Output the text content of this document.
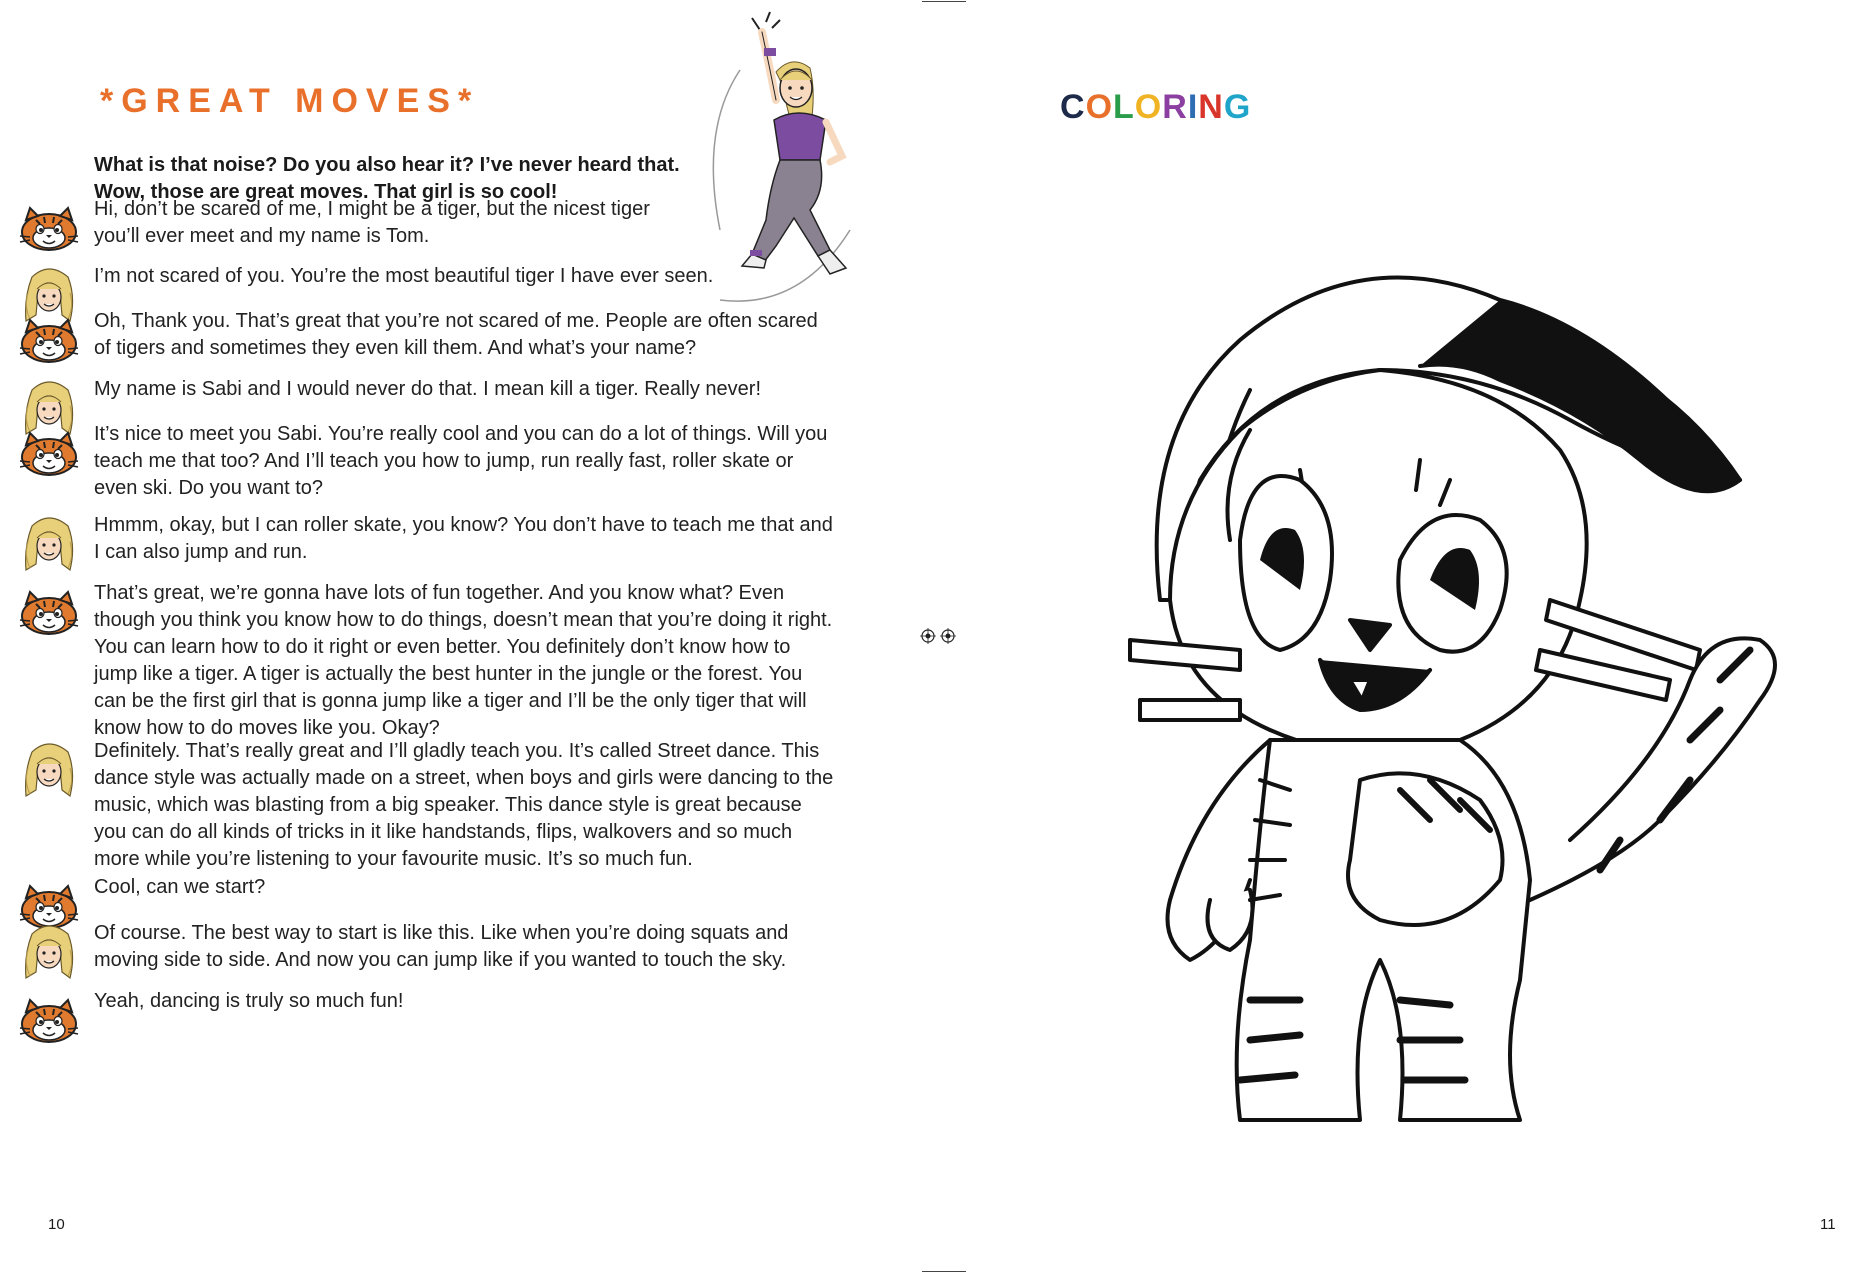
*GREAT MOVES*

What is that noise? Do you also hear it? I’ve never heard that.

Wow, those are great moves. That girl is so cool!

Hi, don’t be scared of me, I might be a tiger, but the nicest tiger you’ll ever meet and my name is Tom.
I’m not scared of you. You’re the most beautiful tiger I have ever seen.
Oh, Thank you. That’s great that you’re not scared of me. People are often scared of tigers and sometimes they even kill them. And what’s your name?
My name is Sabi and I would never do that. I mean kill a tiger. Really never!
It’s nice to meet you Sabi. You’re really cool and you can do a lot of things. Will you teach me that too? And I’ll teach you how to jump, run really fast, roller skate or even ski. Do you want to?
Hmmm, okay, but I can roller skate, you know? You don’t have to teach me that and I can also jump and run.
That’s great, we’re gonna have lots of fun together. And you know what? Even though you think you know how to do things, doesn’t mean that you’re doing it right. You can learn how to do it right or even better. You definitely don’t know how to jump like a tiger. A tiger is actually the best hunter in the jungle or the forest. You can be the first girl that is gonna jump like a tiger and I’ll be the only tiger that will know how to do moves like you. Okay?
Definitely. That’s really great and I’ll gladly teach you. It’s called Street dance. This dance style was actually made on a street, when boys and girls were dancing to the music, which was blasting from a big speaker. This dance style is great because you can do all kinds of tricks in it like handstands, flips, walkovers and so much more while you’re listening to your favourite music. It’s so much fun.
Cool, can we start?
Of course. The best way to start is like this. Like when you’re doing squats and moving side to side. And now you can jump like if you wanted to touch the sky.
Yeah, dancing is truly so much fun!
10
COLORING
11
